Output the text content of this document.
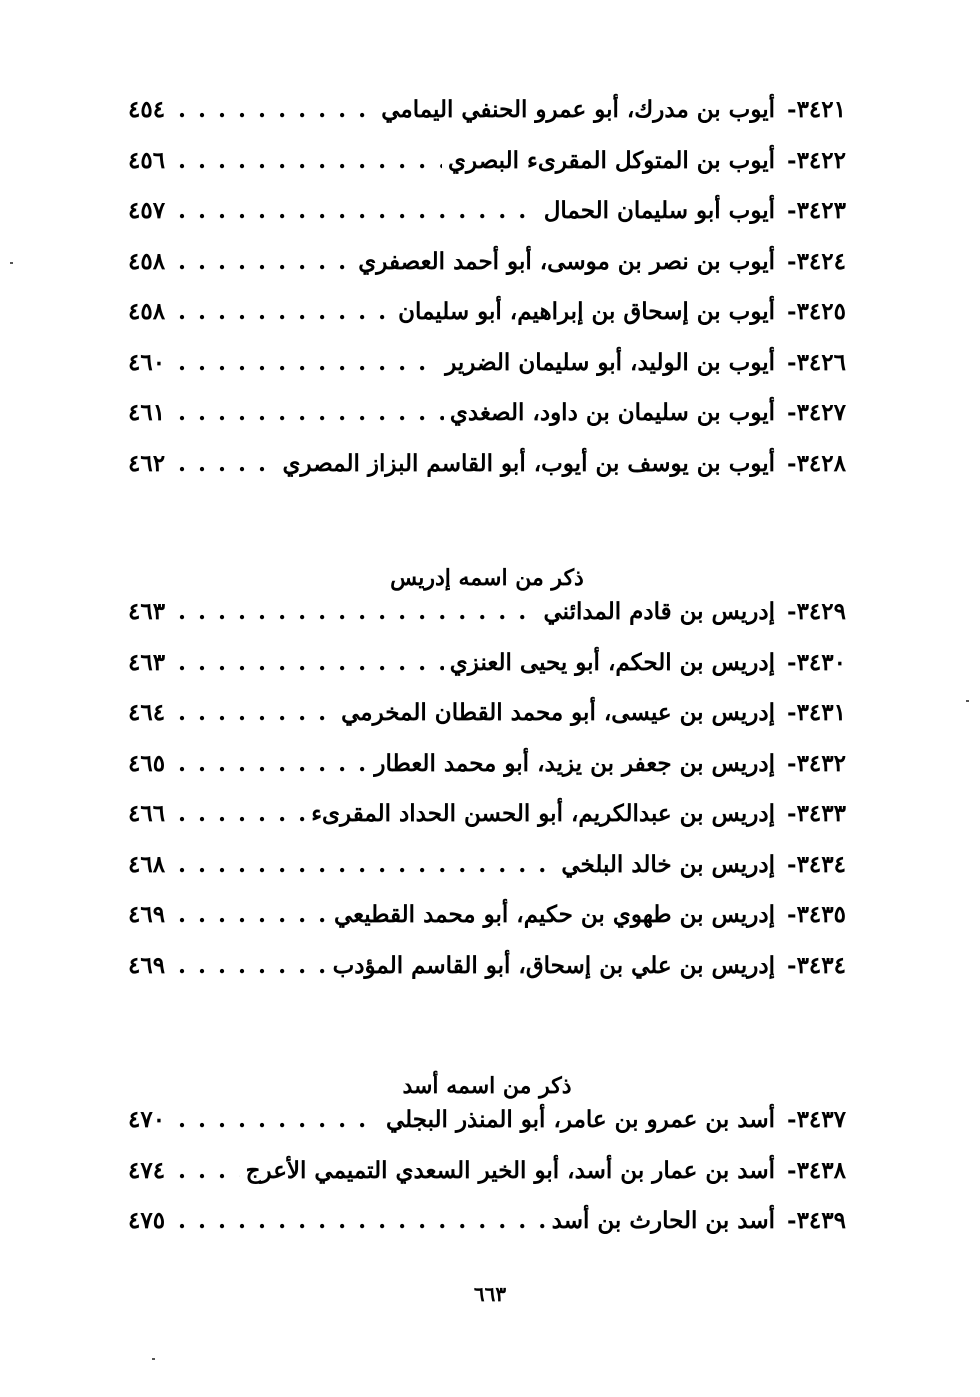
٣٤٢١- أيوب بن مدرك، أبو عمرو الحنفي اليمامي
. . .
٤٥٤
٣٤٢٢- أيوب بن المتوكل المقرىء البصري
. . .
٤٥٦
٣٤٢٣- أيوب أبو سليمان الحمال
. . .
٤٥٧
٣٤٢٤- أيوب بن نصر بن موسى، أبو أحمد العصفري
. . .
٤٥٨
٣٤٢٥- أيوب بن إسحاق بن إبراهيم، أبو سليمان
. . .
٤٥٨
٣٤٢٦- أيوب بن الوليد، أبو سليمان الضرير
. . .
٤٦٠
٣٤٢٧- أيوب بن سليمان بن داود، الصغدي
. . .
٤٦١
٣٤٢٨- أيوب بن يوسف بن أيوب، أبو القاسم البزاز المصري
. . .
٤٦٢
ذكر من اسمه إدريس
٣٤٢٩- إدريس بن قادم المدائني
. . .
٤٦٣
٣٤٣٠- إدريس بن الحكم، أبو يحيى العنزي
. . .
٤٦٣
٣٤٣١- إدريس بن عيسى، أبو محمد القطان المخرمي
. . .
٤٦٤
٣٤٣٢- إدريس بن جعفر بن يزيد، أبو محمد العطار
. . .
٤٦٥
٣٤٣٣- إدريس بن عبدالكريم، أبو الحسن الحداد المقرىء
. . .
٤٦٦
٣٤٣٤- إدريس بن خالد البلخي
. . .
٤٦٨
٣٤٣٥- إدريس بن طهوي بن حكيم، أبو محمد القطيعي
. . .
٤٦٩
٣٤٣٤- إدريس بن علي بن إسحاق، أبو القاسم المؤدب
. . .
٤٦٩
ذكر من اسمه أسد
٣٤٣٧- أسد بن عمرو بن عامر، أبو المنذر البجلي
. . .
٤٧٠
٣٤٣٨- أسد بن عمار بن أسد، أبو الخير السعدي التميمي الأعرج
. . .
٤٧٤
٣٤٣٩- أسد بن الحارث بن أسد
. . .
٤٧٥
٦٦٣
